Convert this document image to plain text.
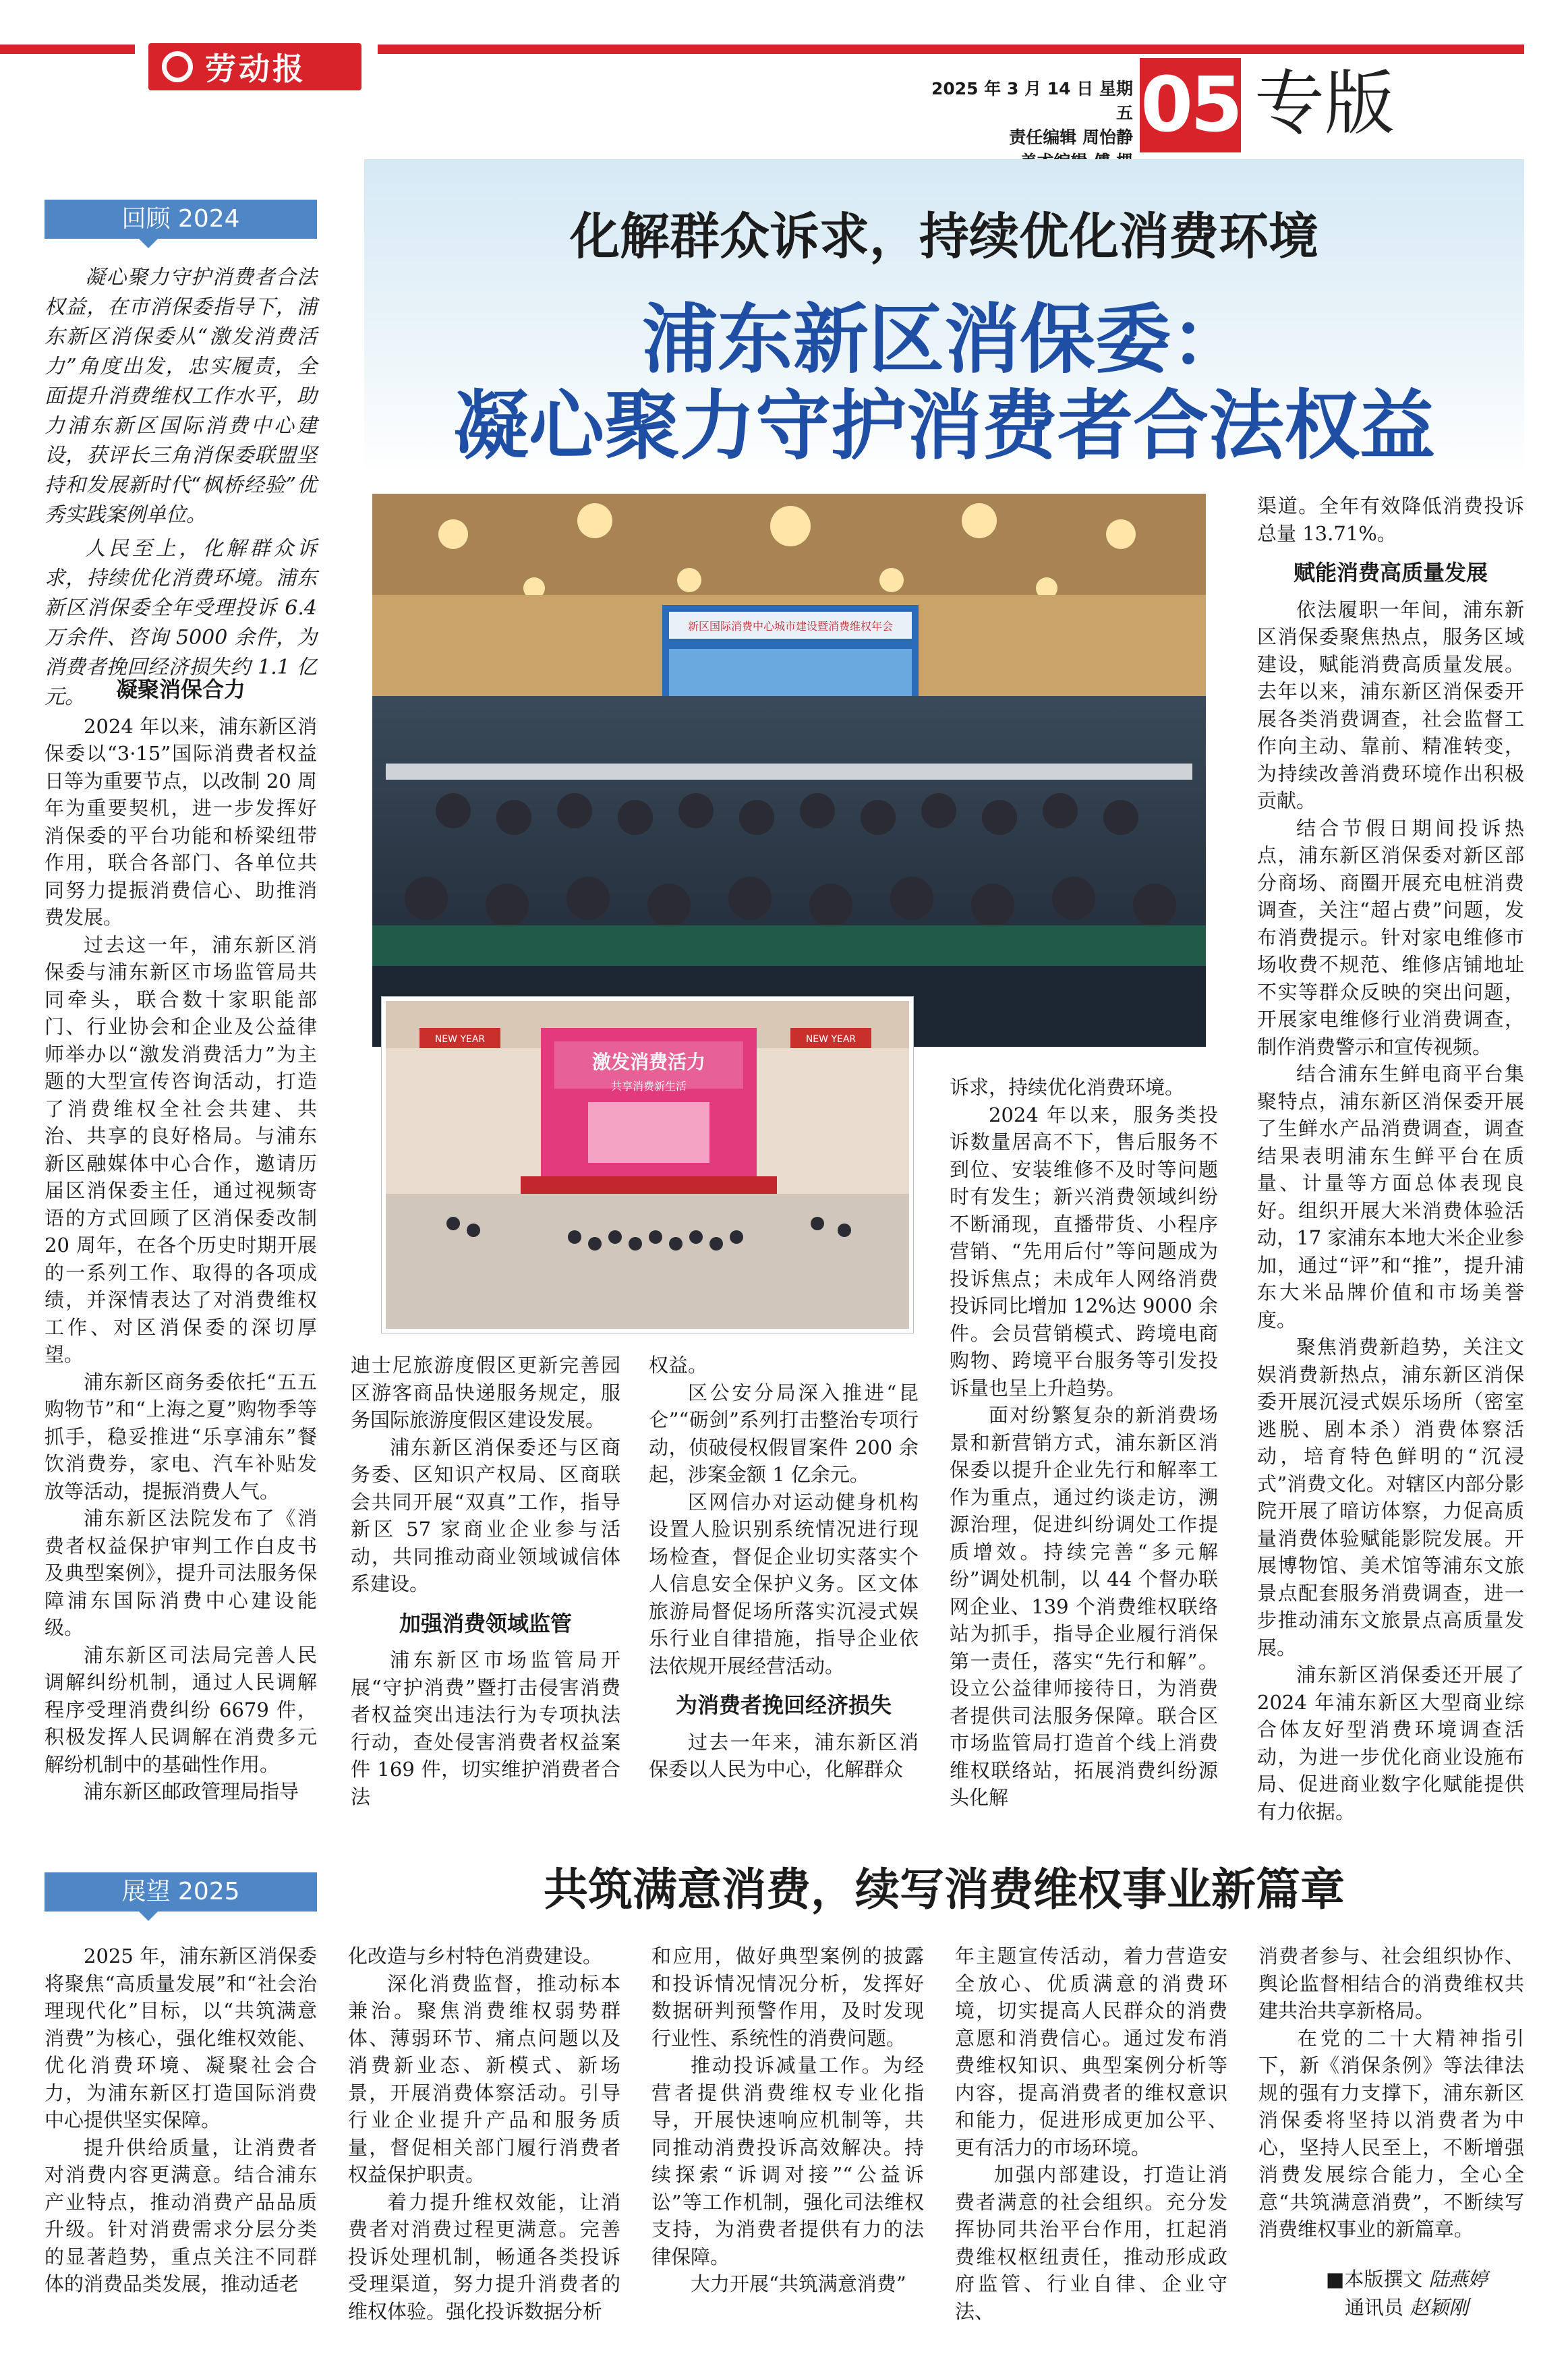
劳动报
2025 年 3 月 14 日 星期五
责任编辑 周怡静 05 专版
化解群众诉求，持续优化消费环境
浦东新区消保委：
凝心聚力守护消费者合法权益
回顾 2024

凝心聚力守护消费者合法权益，在市消保委指导下，浦东新区消保委从“激发消费活力”角度出发，忠实履责，全面提升消费维权工作水平，助力浦东新区国际消费中心建设，获评长三角消保委联盟坚持和发展新时代“枫桥经验”优秀实践案例单位。

人民至上，化解群众诉求，持续优化消费环境。浦东新区消保委全年受理投诉 6.4 万余件、咨询 5000 余件，为消费者挽回经济损失约 1.1 亿元。	凝聚消保合力

2024 年以来，浦东新区消保委以“3·15”国际消费者权益日等为重要节点，以改制 20 周年为重要契机，进一步发挥好消保委的平台功能和桥梁纽带作用，联合各部门、各单位共同努力提振消费信心、助推消费发展。

过去这一年，浦东新区消保委与浦东新区市场监管局共同牵头，联合数十家职能部门、行业协会和企业及公益律师举办以“激发消费活力”为主题的大型宣传咨询活动，打造了消费维权全社会共建、共治、共享的良好格局。与浦东新区融媒体中心合作，邀请历届区消保委主任，通过视频寄语的方式回顾了区消保委改制 20 周年，在各个历史时期开展的一系列工作、取得的各项成绩，并深情表达了对消费维权工作、对区消保委的深切厚望。

浦东新区商务委依托“五五购物节”和“上海之夏”购物季等抓手，稳妥推进“乐享浦东”餐饮消费券，家电、汽车补贴发放等活动，提振消费人气。

浦东新区法院发布了《消费者权益保护审判工作白皮书及典型案例》，提升司法服务保障浦东国际消费中心建设能级。

浦东新区司法局完善人民调解纠纷机制，通过人民调解程序受理消费纠纷 6679 件，积极发挥人民调解在消费多元解纷机制中的基础性作用。

浦东新区邮政管理局指导

新区国际消费中心城市建设暨消费维权年会
NEW YEAR	NEW YEAR
激发消费活力
共享消费新生活

迪士尼旅游度假区更新完善园区游客商品快递服务规定，服务国际旅游度假区建设发展。

浦东新区消保委还与区商务委、区知识产权局、区商联会共同开展“双真”工作，指导新区 57 家商业企业参与活动，共同推动商业领域诚信体系建设。

加强消费领域监管

浦东新区市场监管局开展“守护消费”暨打击侵害消费者权益突出违法行为专项执法行动，查处侵害消费者权益案件 169 件，切实维护消费者合法

权益。

区公安分局深入推进“昆仑”“砺剑”系列打击整治专项行动，侦破侵权假冒案件 200 余起，涉案金额 1 亿余元。

区网信办对运动健身机构设置人脸识别系统情况进行现场检查，督促企业切实落实个人信息安全保护义务。区文体旅游局督促场所落实沉浸式娱乐行业自律措施，指导企业依法依规开展经营活动。

为消费者挽回经济损失

过去一年来，浦东新区消保委以人民为中心，化解群众

诉求，持续优化消费环境。

2024 年以来，服务类投诉数量居高不下，售后服务不到位、安装维修不及时等问题时有发生；新兴消费领域纠纷不断涌现，直播带货、小程序营销、“先用后付”等问题成为投诉焦点；未成年人网络消费投诉同比增加 12%达 9000 余件。会员营销模式、跨境电商购物、跨境平台服务等引发投诉量也呈上升趋势。

面对纷繁复杂的新消费场景和新营销方式，浦东新区消保委以提升企业先行和解率工作为重点，通过约谈走访，溯源治理，促进纠纷调处工作提质增效。持续完善“多元解纷”调处机制，以 44 个督办联网企业、139 个消费维权联络站为抓手，指导企业履行消保第一责任，落实“先行和解”。设立公益律师接待日，为消费者提供司法服务保障。联合区市场监管局打造首个线上消费维权联络站，拓展消费纠纷源头化解

渠道。全年有效降低消费投诉总量 13.71%。

赋能消费高质量发展

依法履职一年间，浦东新区消保委聚焦热点，服务区域建设，赋能消费高质量发展。去年以来，浦东新区消保委开展各类消费调查，社会监督工作向主动、靠前、精准转变，为持续改善消费环境作出积极贡献。

结合节假日期间投诉热点，浦东新区消保委对新区部分商场、商圈开展充电桩消费调查，关注“超占费”问题，发布消费提示。针对家电维修市场收费不规范、维修店铺地址不实等群众反映的突出问题，开展家电维修行业消费调查，制作消费警示和宣传视频。

结合浦东生鲜电商平台集聚特点，浦东新区消保委开展了生鲜水产品消费调查，调查结果表明浦东生鲜平台在质量、计量等方面总体表现良好。组织开展大米消费体验活动，17 家浦东本地大米企业参加，通过“评”和“推”，提升浦东大米品牌价值和市场美誉度。

聚焦消费新趋势，关注文娱消费新热点，浦东新区消保委开展沉浸式娱乐场所（密室逃脱、剧本杀）消费体察活动，培育特色鲜明的“沉浸式”消费文化。对辖区内部分影院开展了暗访体察，力促高质量消费体验赋能影院发展。开展博物馆、美术馆等浦东文旅景点配套服务消费调查，进一步推动浦东文旅景点高质量发展。

浦东新区消保委还开展了 2024 年浦东新区大型商业综合体友好型消费环境调查活动，为进一步优化商业设施布局、促进商业数字化赋能提供有力依据。

展望 2025	共筑满意消费，续写消费维权事业新篇章

2025 年，浦东新区消保委将聚焦“高质量发展”和“社会治理现代化”目标，以“共筑满意消费”为核心，强化维权效能、优化消费环境、凝聚社会合力，为浦东新区打造国际消费中心提供坚实保障。

提升供给质量，让消费者对消费内容更满意。结合浦东产业特点，推动消费产品品质升级。针对消费需求分层分类的显著趋势，重点关注不同群体的消费品类发展，推动适老

化改造与乡村特色消费建设。

深化消费监督，推动标本兼治。聚焦消费维权弱势群体、薄弱环节、痛点问题以及消费新业态、新模式、新场景，开展消费体察活动。引导行业企业提升产品和服务质量，督促相关部门履行消费者权益保护职责。

着力提升维权效能，让消费者对消费过程更满意。完善投诉处理机制，畅通各类投诉受理渠道，努力提升消费者的维权体验。强化投诉数据分析

和应用，做好典型案例的披露和投诉情况情况分析，发挥好数据研判预警作用，及时发现行业性、系统性的消费问题。

推动投诉减量工作。为经营者提供消费维权专业化指导，开展快速响应机制等，共同推动消费投诉高效解决。持续探索“诉调对接”“公益诉讼”等工作机制，强化司法维权支持，为消费者提供有力的法律保障。

大力开展“共筑满意消费”

年主题宣传活动，着力营造安全放心、优质满意的消费环境，切实提高人民群众的消费意愿和消费信心。通过发布消费维权知识、典型案例分析等内容，提高消费者的维权意识和能力，促进形成更加公平、更有活力的市场环境。

加强内部建设，打造让消费者满意的社会组织。充分发挥协同共治平台作用，扛起消费维权枢纽责任，推动形成政府监管、行业自律、企业守法、

消费者参与、社会组织协作、舆论监督相结合的消费维权共建共治共享新格局。

在党的二十大精神指引下，新《消保条例》等法律法规的强有力支撑下，浦东新区消保委将坚持以消费者为中心，坚持人民至上，不断增强消费发展综合能力，全心全意“共筑满意消费”，不断续写消费维权事业的新篇章。

■本版撰文 陆燕婷
通讯员 赵颖刚
